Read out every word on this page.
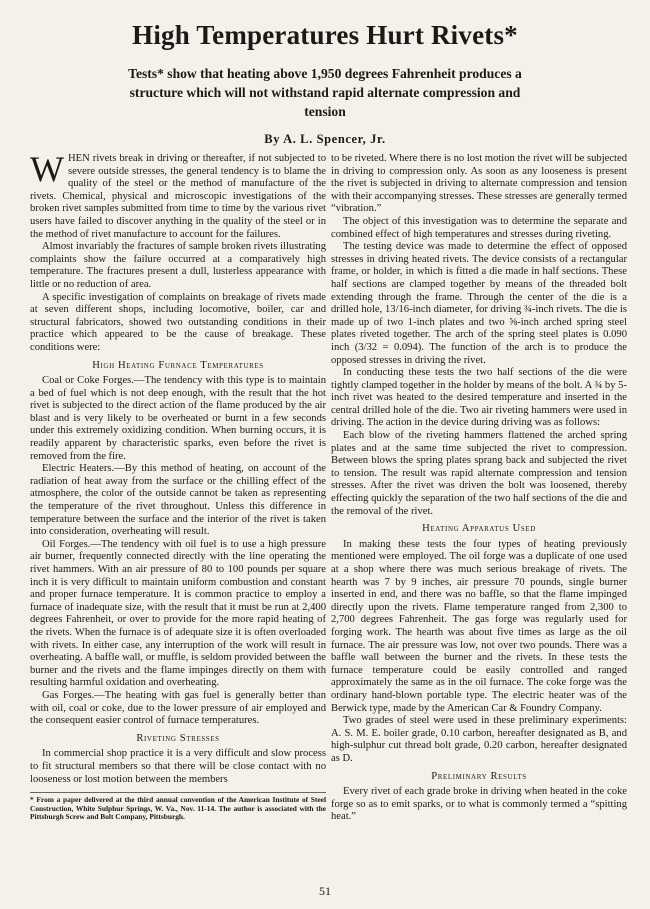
High Temperatures Hurt Rivets*
Tests* show that heating above 1,950 degrees Fahrenheit produces a structure which will not withstand rapid alternate compression and tension
By A. L. Spencer, Jr.

WHEN rivets break in driving or thereafter, if not subjected to severe outside stresses, the general tendency is to blame the quality of the steel or the method of manufacture of the rivets. Chemical, physical and microscopic investigations of the broken rivet samples submitted from time to time by the various rivet users have failed to discover anything in the quality of the steel or in the method of rivet manufacture to account for the failures.

Almost invariably the fractures of sample broken rivets illustrating complaints show the failure occurred at a comparatively high temperature. The fractures present a dull, lusterless appearance with little or no reduction of area.

A specific investigation of complaints on breakage of rivets made at seven different shops, including locomotive, boiler, car and structural fabricators, showed two outstanding conditions in their practice which appeared to be the cause of breakage. These conditions were:

High Heating Furnace Temperatures

Coal or Coke Forges.—The tendency with this type is to maintain a bed of fuel which is not deep enough, with the result that the hot rivet is subjected to the direct action of the flame produced by the air blast and is very likely to be overheated or burnt in a few seconds under this extremely oxidizing condition. When burning occurs, it is readily apparent by characteristic sparks, even before the rivet is removed from the fire.

Electric Heaters.—By this method of heating, on account of the radiation of heat away from the surface or the chilling effect of the atmosphere, the color of the outside cannot be taken as representing the temperature of the rivet throughout. Unless this difference in temperature between the surface and the interior of the rivet is taken into consideration, overheating will result.

Oil Forges.—The tendency with oil fuel is to use a high pressure air burner, frequently connected directly with the line operating the rivet hammers. With an air pressure of 80 to 100 pounds per square inch it is very difficult to maintain uniform combustion and constant and proper furnace temperature. It is common practice to employ a furnace of inadequate size, with the result that it must be run at 2,400 degrees Fahrenheit, or over to provide for the more rapid heating of the rivets. When the furnace is of adequate size it is often overloaded with rivets. In either case, any interruption of the work will result in overheating. A baffle wall, or muffle, is seldom provided between the burner and the rivets and the flame impinges directly on them with resulting harmful oxidation and overheating.

Gas Forges.—The heating with gas fuel is generally better than with oil, coal or coke, due to the lower pressure of air employed and the consequent easier control of furnace temperatures.

Riveting Stresses

In commercial shop practice it is a very difficult and slow process to fit structural members so that there will be close contact with no looseness or lost motion between the members

* From a paper delivered at the third annual convention of the American Institute of Steel Construction, White Sulphur Springs, W. Va., Nov. 11-14. The author is associated with the Pittsburgh Screw and Bolt Company, Pittsburgh.

to be riveted. Where there is no lost motion the rivet will be subjected in driving to compression only. As soon as any looseness is present the rivet is subjected in driving to alternate compression and tension with their accompanying stresses. These stresses are generally termed “vibration.”

The object of this investigation was to determine the separate and combined effect of high temperatures and stresses during riveting.

The testing device was made to determine the effect of opposed stresses in driving heated rivets. The device consists of a rectangular frame, or holder, in which is fitted a die made in half sections. These half sections are clamped together by means of the threaded bolt extending through the frame. Through the center of the die is a drilled hole, 13/16-inch diameter, for driving ¾-inch rivets. The die is made up of two 1-inch plates and two ⅝-inch arched spring steel plates riveted together. The arch of the spring steel plates is 0.090 inch (3/32 = 0.094). The function of the arch is to produce the opposed stresses in driving the rivet.

In conducting these tests the two half sections of the die were tightly clamped together in the holder by means of the bolt. A ¾ by 5-inch rivet was heated to the desired temperature and inserted in the central drilled hole of the die. Two air riveting hammers were used in driving. The action in the device during driving was as follows:

Each blow of the riveting hammers flattened the arched spring plates and at the same time subjected the rivet to compression. Between blows the spring plates sprang back and subjected the rivet to tension. The result was rapid alternate compression and tension stresses. After the rivet was driven the bolt was loosened, thereby effecting quickly the separation of the two half sections of the die and the removal of the rivet.

Heating Apparatus Used

In making these tests the four types of heating previously mentioned were employed. The oil forge was a duplicate of one used at a shop where there was much serious breakage of rivets. The hearth was 7 by 9 inches, air pressure 70 pounds, single burner inserted in end, and there was no baffle, so that the flame impinged directly upon the rivets. Flame temperature ranged from 2,300 to 2,700 degrees Fahrenheit. The gas forge was regularly used for forging work. The hearth was about five times as large as the oil furnace. The air pressure was low, not over two pounds. There was a baffle wall between the burner and the rivets. In these tests the furnace temperature could be easily controlled and ranged approximately the same as in the oil furnace. The coke forge was the ordinary hand-blown portable type. The electric heater was of the Berwick type, made by the American Car & Foundry Company.

Two grades of steel were used in these preliminary experiments: A. S. M. E. boiler grade, 0.10 carbon, hereafter designated as B, and high-sulphur cut thread bolt grade, 0.20 carbon, hereafter designated as D.

Preliminary Results

Every rivet of each grade broke in driving when heated in the coke forge so as to emit sparks, or to what is commonly termed a “spitting heat.”

51
